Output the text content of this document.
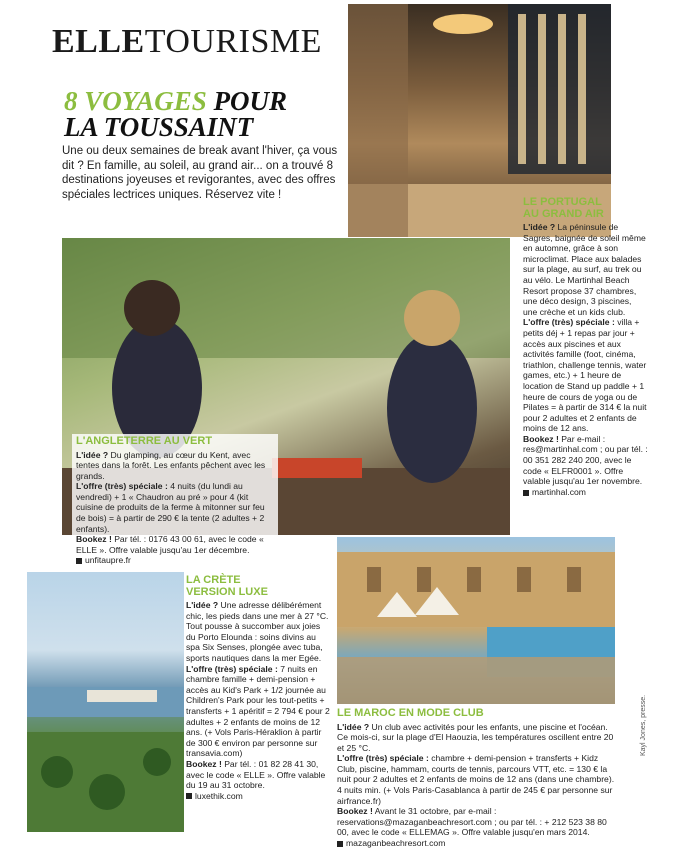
ELLETOURISME
8 VOYAGES POUR
LA TOUSSAINT
Une ou deux semaines de break avant l'hiver, ça vous dit ? En famille, au soleil, au grand air... on a trouvé 8 destinations joyeuses et revigorantes, avec des offres spéciales lectrices uniques. Réservez vite !
LE PORTUGAL
AU GRAND AIR

L'idée ? La péninsule de Sagres, baignée de soleil même en automne, grâce à son microclimat. Place aux balades sur la plage, au surf, au trek ou au vélo. Le Martinhal Beach Resort propose 37 chambres, une déco design, 3 piscines, une crèche et un kids club.

L'offre (très) spéciale : villa + petits déj + 1 repas par jour + accès aux piscines et aux activités famille (foot, cinéma, triathlon, challenge tennis, water games, etc.) + 1 heure de location de Stand up paddle + 1 heure de cours de yoga ou de Pilates = à partir de 314 € la nuit pour 2 adultes et 2 enfants de moins de 12 ans.

Bookez ! Par e-mail : res@martinhal.com ; ou par tél. : 00 351 282 240 200, avec le code « ELFR0001 ». Offre valable jusqu'au 1er novembre.

martinhal.com

L'ANGLETERRE AU VERT

L'idée ? Du glamping, au cœur du Kent, avec tentes dans la forêt. Les enfants pêchent avec les grands.

L'offre (très) spéciale : 4 nuits (du lundi au vendredi) + 1 « Chaudron au pré » pour 4 (kit cuisine de produits de la ferme à mitonner sur feu de bois) = à partir de 290 € la tente (2 adultes + 2 enfants).

Bookez ! Par tél. : 0176 43 00 61, avec le code « ELLE ». Offre valable jusqu'au 1er décembre.

unfitaupre.fr

LA CRÈTE
VERSION LUXE

L'idée ? Une adresse délibérément chic, les pieds dans une mer à 27 °C. Tout pousse à succomber aux joies du Porto Elounda : soins divins au spa Six Senses, plongée avec tuba, sports nautiques dans la mer Egée.

L'offre (très) spéciale : 7 nuits en chambre famille + demi-pension + accès au Kid's Park + 1/2 journée au Children's Park pour les tout-petits + transferts + 1 apéritif = 2 794 € pour 2 adultes + 2 enfants de moins de 12 ans. (+ Vols Paris-Héraklion à partir de 300 € environ par personne sur transavia.com)

Bookez ! Par tél. : 01 82 28 41 30, avec le code « ELLE ». Offre valable du 19 au 31 octobre.

luxethik.com

LE MAROC EN MODE CLUB

L'idée ? Un club avec activités pour les enfants, une piscine et l'océan. Ce mois-ci, sur la plage d'El Haouzia, les températures oscillent entre 20 et 25 °C.

L'offre (très) spéciale : chambre + demi-pension + transferts + Kidz Club, piscine, hammam, courts de tennis, parcours VTT, etc. = 130 € la nuit pour 2 adultes et 2 enfants de moins de 12 ans (dans une chambre). 4 nuits min. (+ Vols Paris-Casablanca à partir de 245 € par personne sur airfrance.fr)

Bookez ! Avant le 31 octobre, par e-mail : reservations@mazaganbeachresort.com ; ou par tél. : + 212 523 38 80 00, avec le code « ELLEMAG ». Offre valable jusqu'en mars 2014.

mazaganbeachresort.com

Kayl Jones, presse.
